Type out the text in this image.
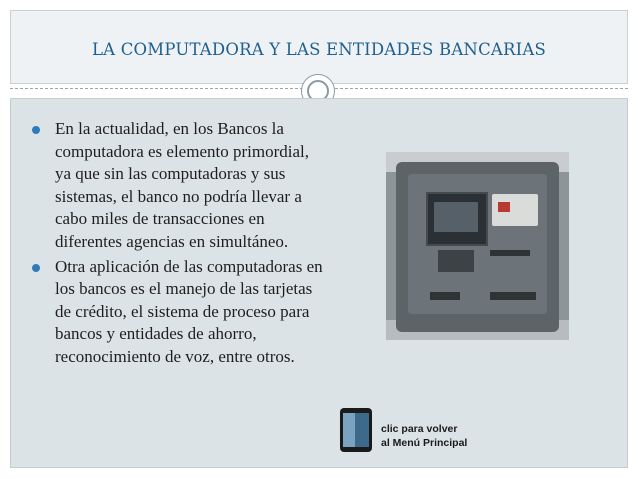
LA COMPUTADORA Y LAS ENTIDADES BANCARIAS
En la actualidad, en los Bancos la computadora es elemento primordial, ya que sin las computadoras y sus sistemas, el banco no podría llevar a cabo miles de transacciones en diferentes agencias en simultáneo.
Otra aplicación de las computadoras en los bancos es el manejo de las tarjetas de crédito, el sistema de proceso para bancos y entidades de ahorro, reconocimiento de voz, entre otros.
clic para volver
al Menú Principal
